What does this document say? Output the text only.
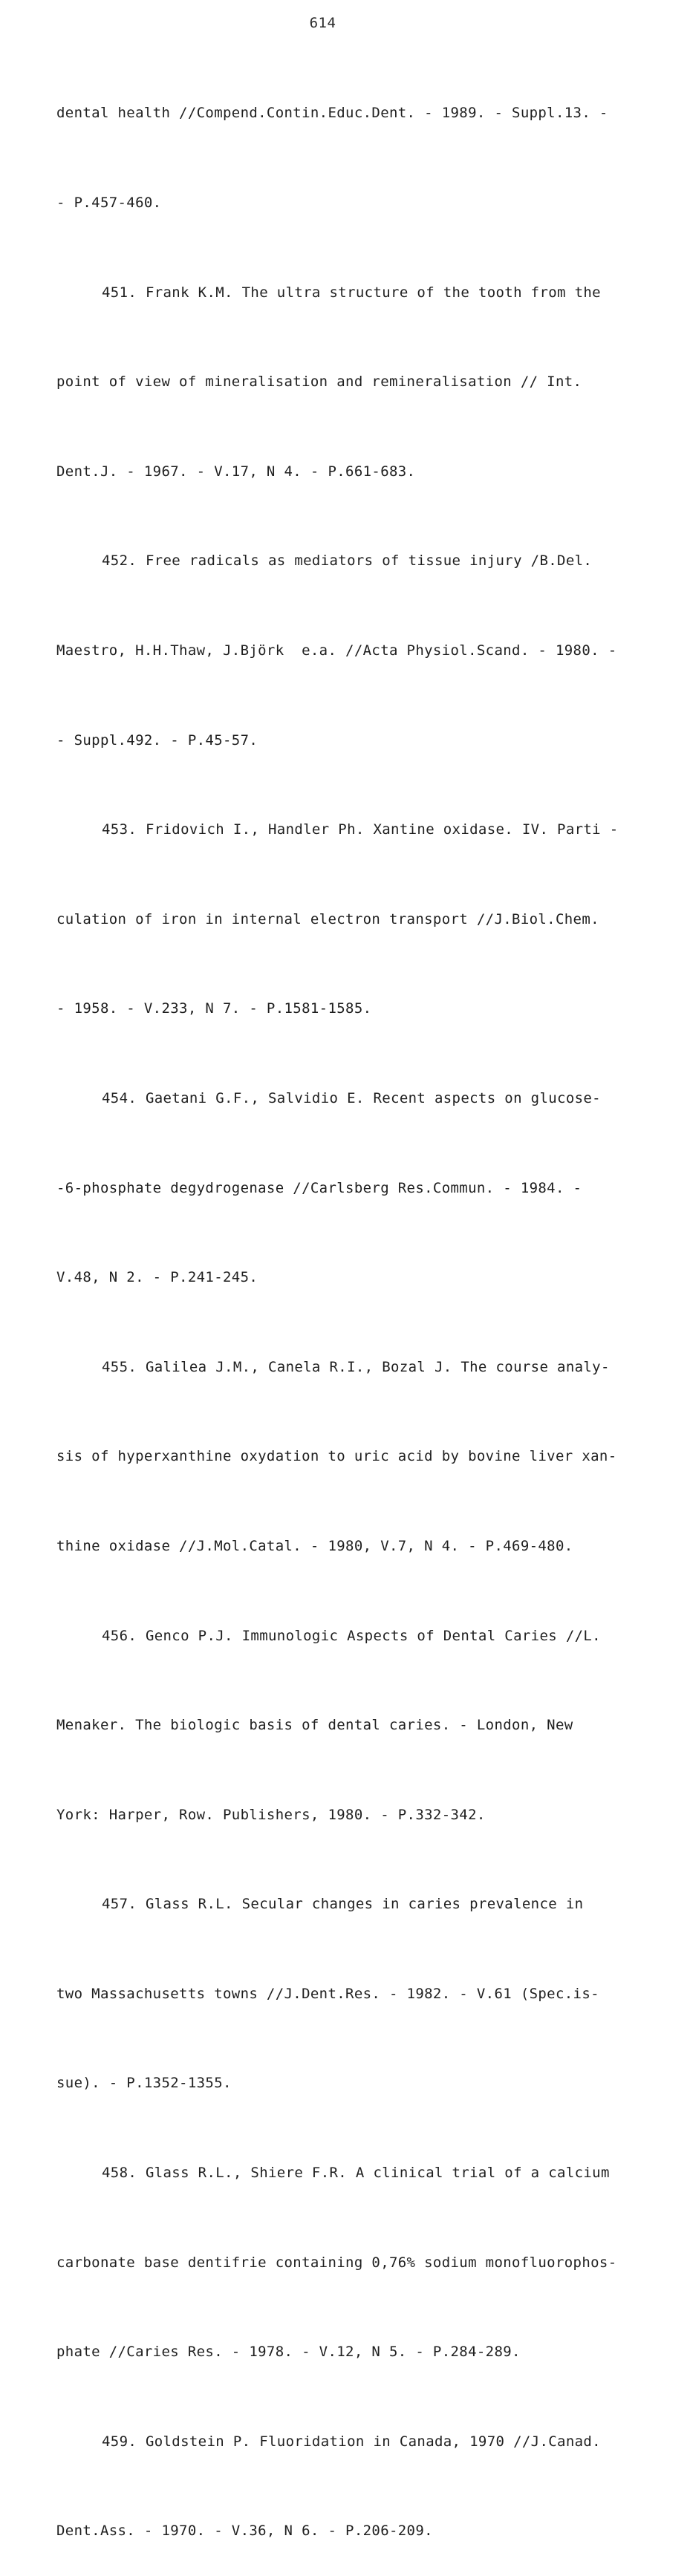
614

dental health //Compend.Contin.Educ.Dent. - 1989. - Suppl.13. -

- P.457-460.

451. Frank K.M. The ultra structure of the tooth from the

point of view of mineralisation and remineralisation // Int.

Dent.J. - 1967. - V.17, N 4. - P.661-683.

452. Free radicals as mediators of tissue injury /B.Del.

Maestro, H.H.Thaw, J.Björk  e.a. //Acta Physiol.Scand. - 1980. -

- Suppl.492. - P.45-57.

453. Fridovich I., Handler Ph. Xantine oxidase. IV. Parti -

culation of iron in internal electron transport //J.Biol.Chem.

- 1958. - V.233, N 7. - P.1581-1585.

454. Gaetani G.F., Salvidio E. Recent aspects on glucose-

-6-phosphate degydrogenase //Carlsberg Res.Commun. - 1984. -

V.48, N 2. - P.241-245.

455. Galilea J.M., Canela R.I., Bozal J. The course analy-

sis of hyperxanthine oxydation to uric acid by bovine liver xan-

thine oxidase //J.Mol.Catal. - 1980, V.7, N 4. - P.469-480.

456. Genco P.J. Immunologic Aspects of Dental Caries //L.

Menaker. The biologic basis of dental caries. - London, New

York: Harper, Row. Publishers, 1980. - P.332-342.

457. Glass R.L. Secular changes in caries prevalence in

two Massachusetts towns //J.Dent.Res. - 1982. - V.61 (Spec.is-

sue). - P.1352-1355.

458. Glass R.L., Shiere F.R. A clinical trial of a calcium

carbonate base dentifrie containing 0,76% sodium monofluorophos-

phate //Caries Res. - 1978. - V.12, N 5. - P.284-289.

459. Goldstein P. Fluoridation in Canada, 1970 //J.Canad.

Dent.Ass. - 1970. - V.36, N 6. - P.206-209.
